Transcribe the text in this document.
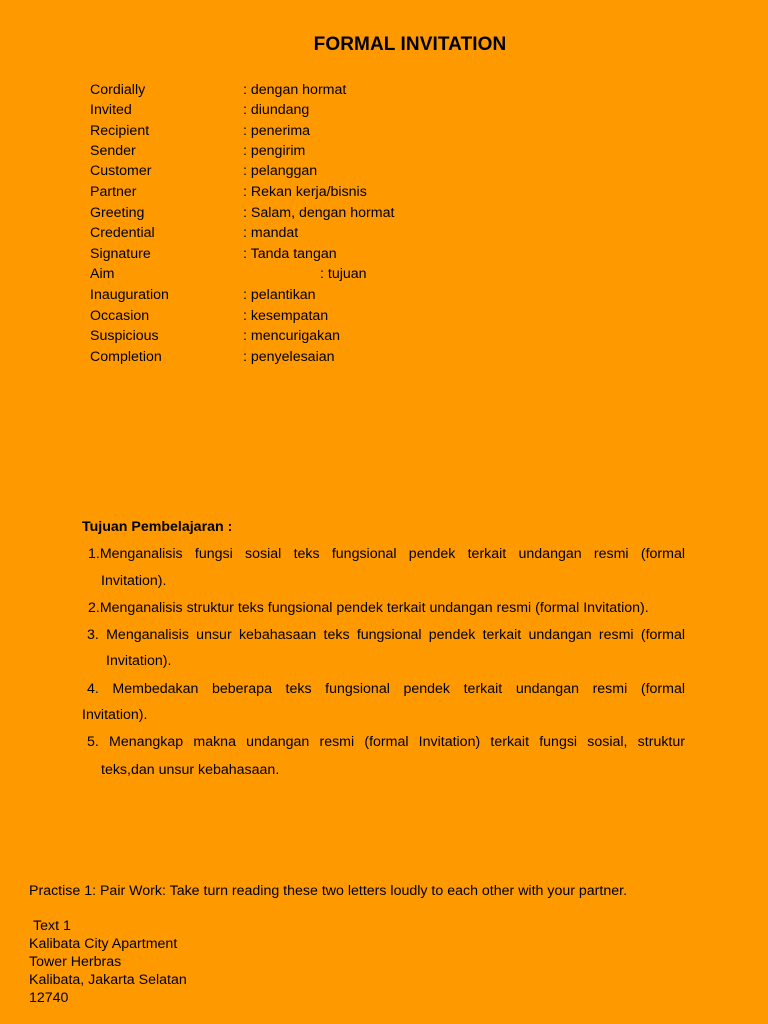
FORMAL INVITATION
Cordially	: dengan hormat
Invited	: diundang
Recipient	: penerima
Sender	: pengirim
Customer	: pelanggan
Partner	: Rekan kerja/bisnis
Greeting	: Salam, dengan hormat
Credential	: mandat
Signature	: Tanda tangan
Aim	: tujuan
Inauguration	: pelantikan
Occasion	: kesempatan
Suspicious	: mencurigakan
Completion	: penyelesaian
Tujuan Pembelajaran :
1.Menganalisis fungsi sosial teks fungsional pendek terkait undangan resmi (formal
Invitation).
2.Menganalisis struktur teks fungsional pendek terkait undangan resmi (formal Invitation).
3. Menganalisis unsur kebahasaan teks fungsional pendek terkait undangan resmi (formal
Invitation).
4. Membedakan beberapa teks fungsional pendek terkait undangan resmi (formal
Invitation).
5. Menangkap makna undangan resmi (formal Invitation) terkait fungsi sosial, struktur
teks,dan unsur kebahasaan.
Practise 1: Pair Work: Take turn reading these two letters loudly to each other with your partner.
Text 1
Kalibata City Apartment
Tower Herbras
Kalibata, Jakarta Selatan
12740
